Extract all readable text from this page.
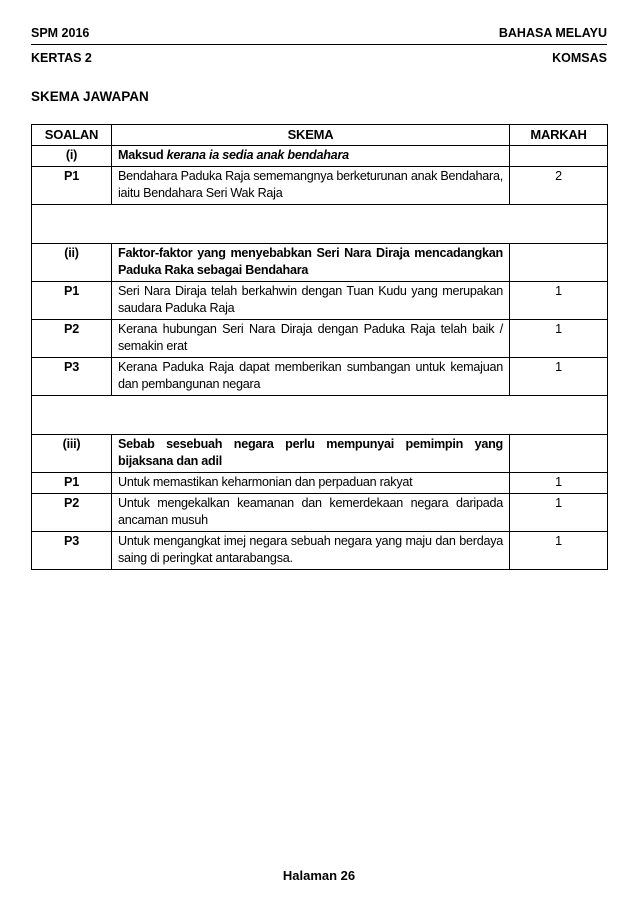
SPM 2016	BAHASA MELAYU
KERTAS 2	KOMSAS
SKEMA JAWAPAN
SOALAN	SKEMA	MARKAH
(i)	Maksud kerana ia sedia anak bendahara	
P1	Bendahara Paduka Raja sememangnya berketurunan anak Bendahara, iaitu Bendahara Seri Wak Raja	2

(ii)	Faktor-faktor yang menyebabkan Seri Nara Diraja mencadangkan Paduka Raka sebagai Bendahara	
P1	Seri Nara Diraja telah berkahwin dengan Tuan Kudu yang merupakan saudara Paduka Raja	1
P2	Kerana hubungan Seri Nara Diraja dengan Paduka Raja telah baik / semakin erat	1
P3	Kerana Paduka Raja dapat memberikan sumbangan untuk kemajuan dan pembangunan negara	1

(iii)	Sebab sesebuah negara perlu mempunyai pemimpin yang bijaksana dan adil	
P1	Untuk memastikan keharmonian dan perpaduan rakyat	1
P2	Untuk mengekalkan keamanan dan kemerdekaan negara daripada ancaman musuh	1
P3	Untuk mengangkat imej negara sebuah negara yang maju dan berdaya saing di peringkat antarabangsa.	1
Halaman 26
